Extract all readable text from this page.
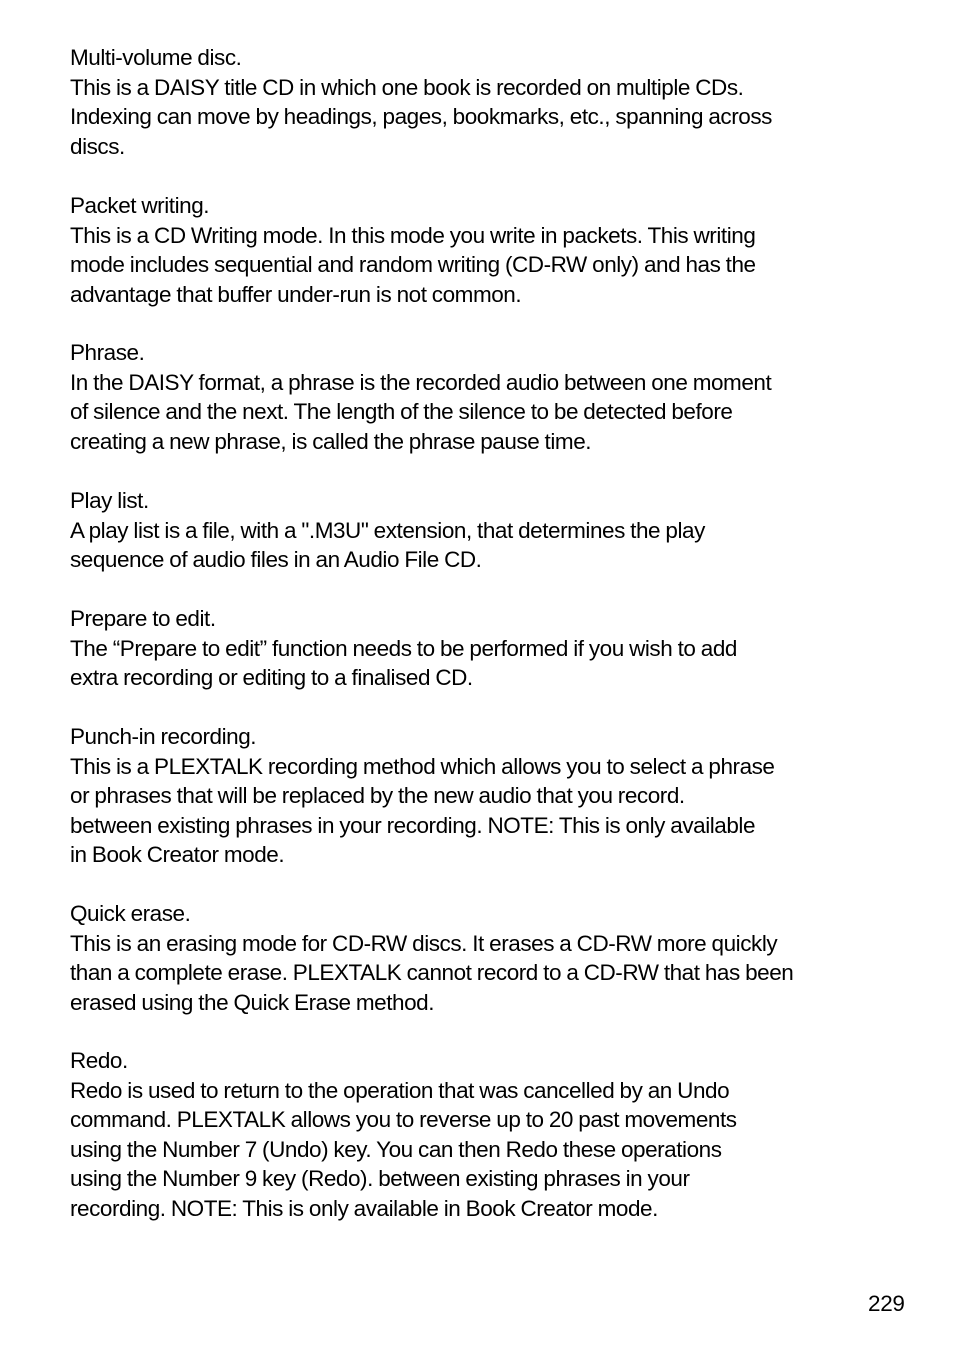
Multi-volume disc.
This is a DAISY title CD in which one book is recorded on multiple CDs.
Indexing can move by headings, pages, bookmarks, etc., spanning across
discs.
Packet writing.
This is a CD Writing mode. In this mode you write in packets. This writing
mode includes sequential and random writing (CD-RW only) and has the
advantage that buffer under-run is not common.
Phrase.
In the DAISY format, a phrase is the recorded audio between one moment
of silence and the next. The length of the silence to be detected before
creating a new phrase, is called the phrase pause time.
Play list.
A play list is a file, with a ".M3U" extension, that determines the play
sequence of audio files in an Audio File CD.
Prepare to edit.
The “Prepare to edit” function needs to be performed if you wish to add
extra recording or editing to a finalised CD.
Punch-in recording.
This is a PLEXTALK recording method which allows you to select a phrase
or phrases that will be replaced by the new audio that you record.
between existing phrases in your recording. NOTE: This is only available
in Book Creator mode.
Quick erase.
This is an erasing mode for CD-RW discs. It erases a CD-RW more quickly
than a complete erase. PLEXTALK cannot record to a CD-RW that has been
erased using the Quick Erase method.
Redo.
Redo is used to return to the operation that was cancelled by an Undo
command. PLEXTALK allows you to reverse up to 20 past movements
using the Number 7 (Undo) key. You can then Redo these operations
using the Number 9 key (Redo). between existing phrases in your
recording. NOTE: This is only available in Book Creator mode.
229
